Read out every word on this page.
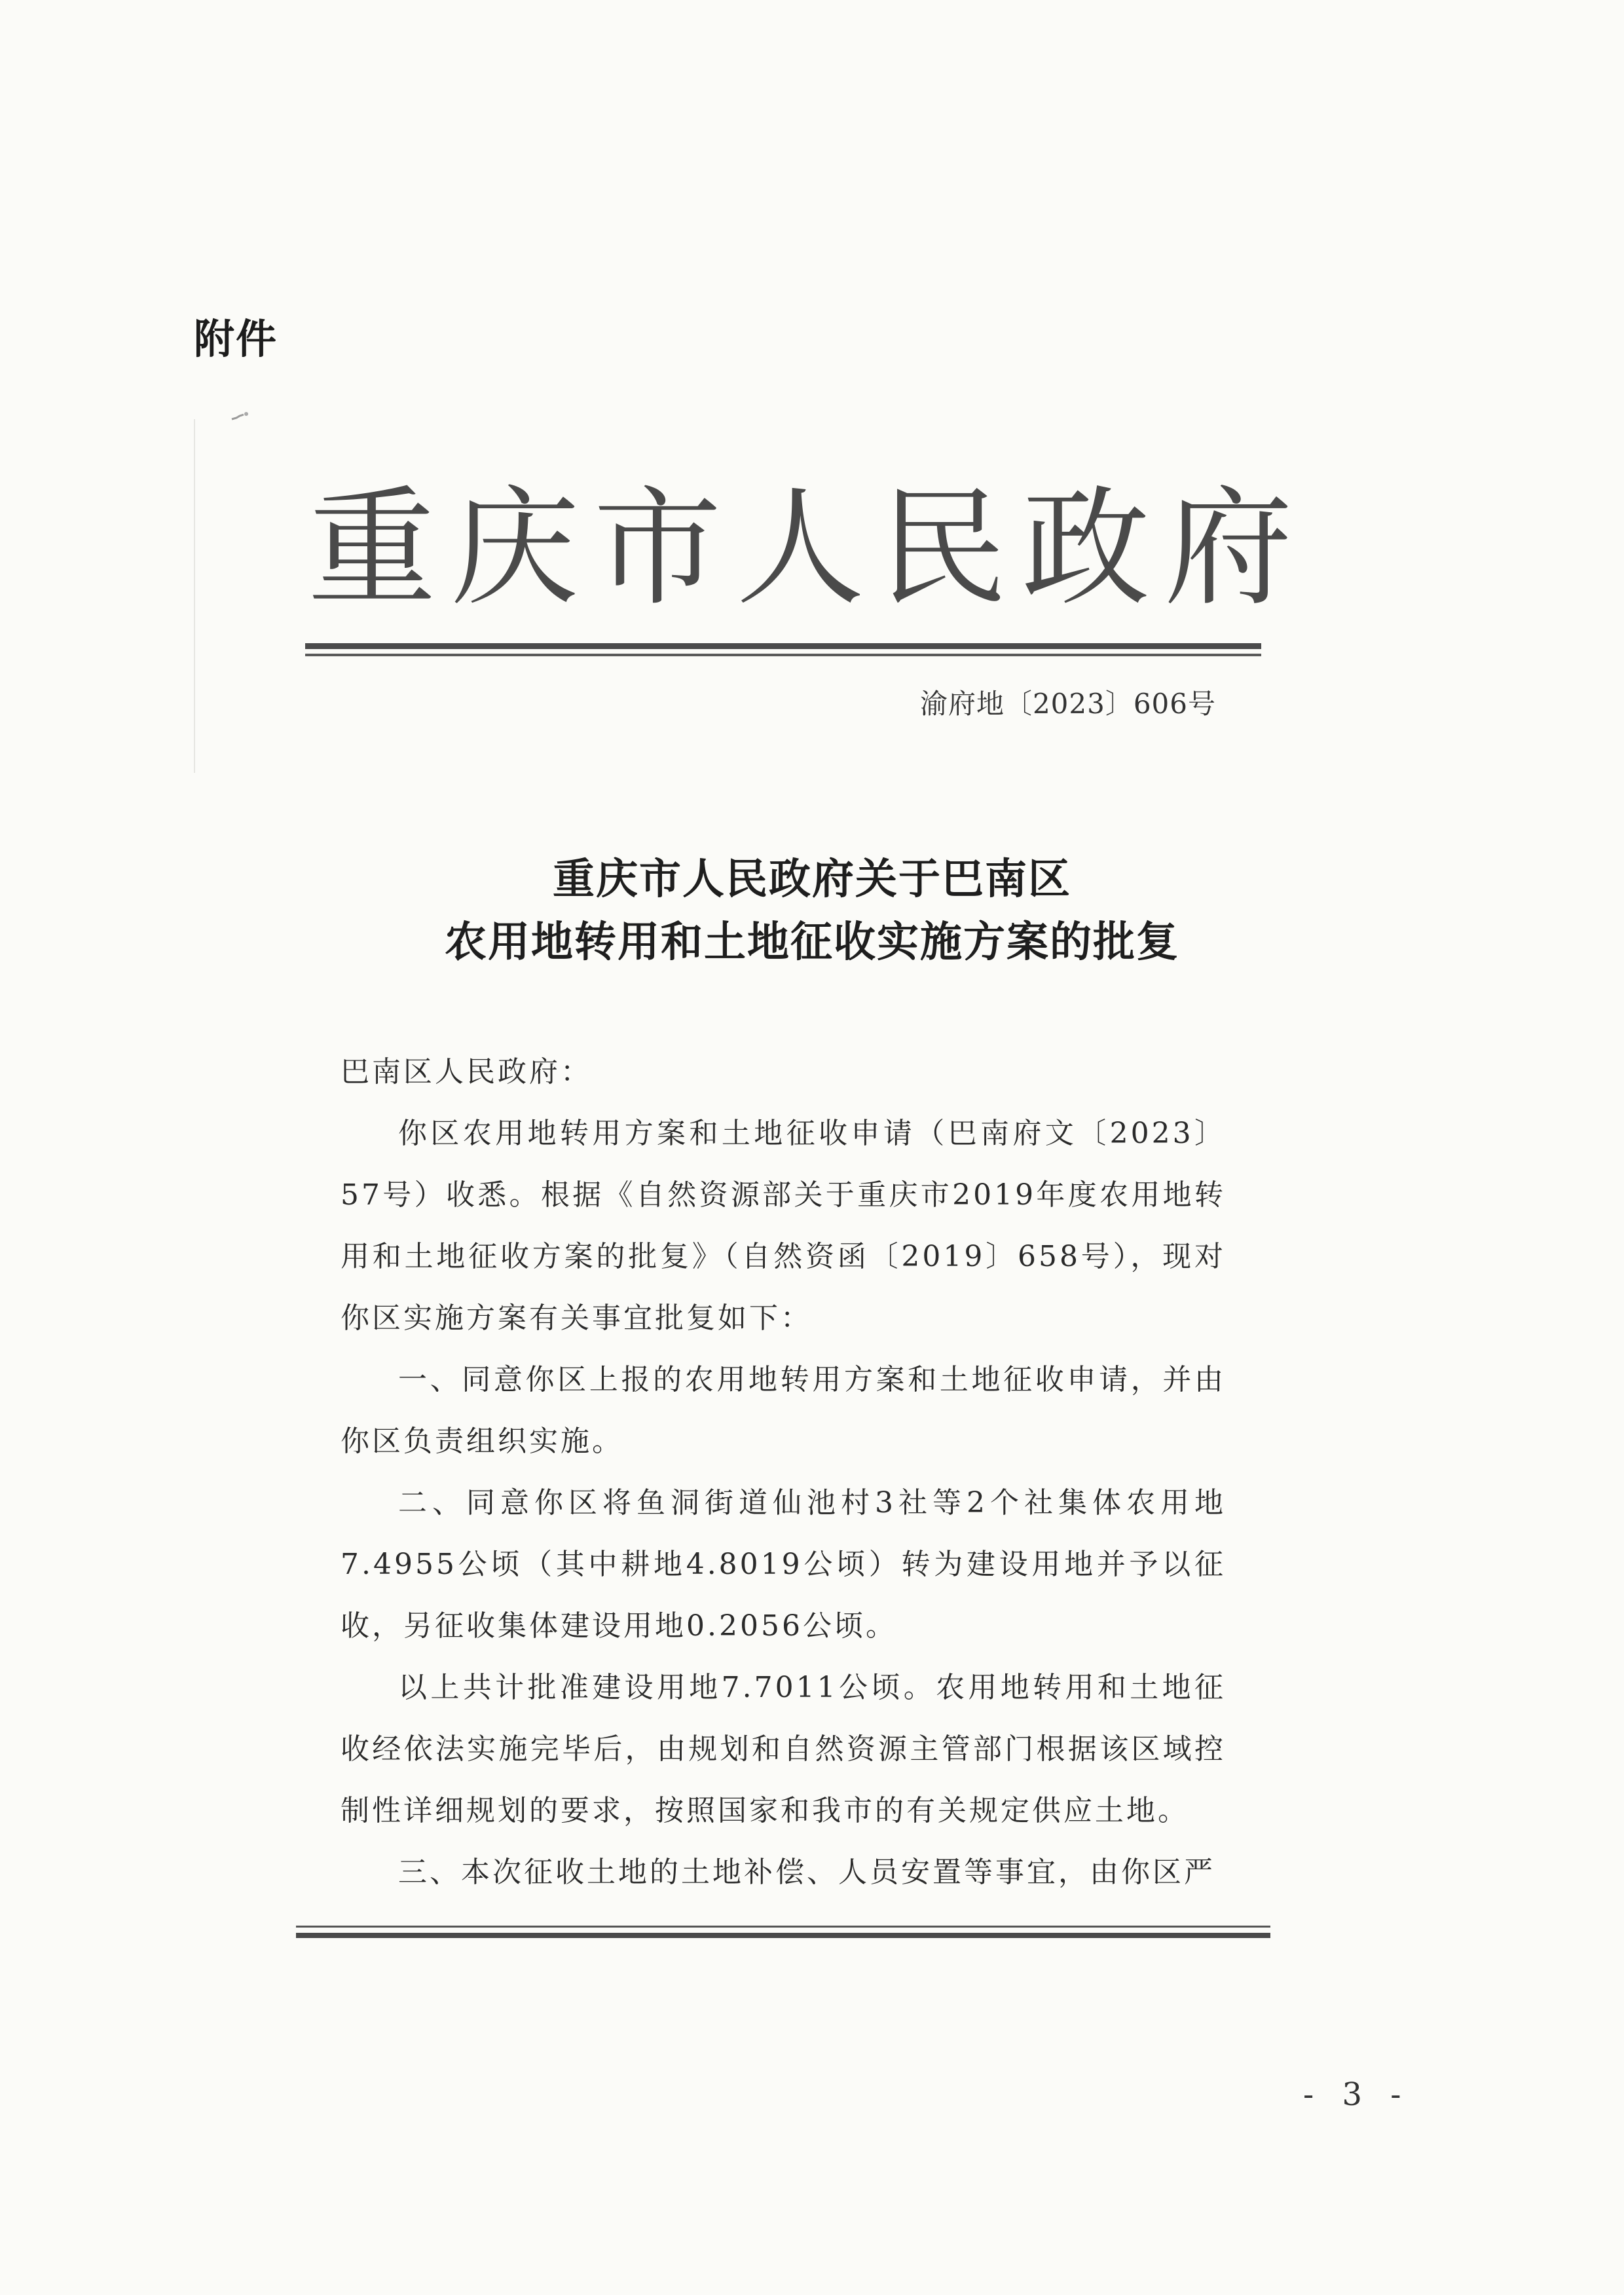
附件
重庆市人民政府
渝府地〔2023〕606号
重庆市人民政府关于巴南区
农用地转用和土地征收实施方案的批复

巴南区人民政府：

你区农用地转用方案和土地征收申请（巴南府文〔2023〕57号）收悉。根据《自然资源部关于重庆市2019年度农用地转用和土地征收方案的批复》（自然资函〔2019〕658号），现对你区实施方案有关事宜批复如下：

一、同意你区上报的农用地转用方案和土地征收申请，并由你区负责组织实施。

二、同意你区将鱼洞街道仙池村3社等2个社集体农用地7.4955公顷（其中耕地4.8019公顷）转为建设用地并予以征收，另征收集体建设用地0.2056公顷。

以上共计批准建设用地7.7011公顷。农用地转用和土地征收经依法实施完毕后，由规划和自然资源主管部门根据该区域控制性详细规划的要求，按照国家和我市的有关规定供应土地。

三、本次征收土地的土地补偿、人员安置等事宜，由你区严

- 3 -
